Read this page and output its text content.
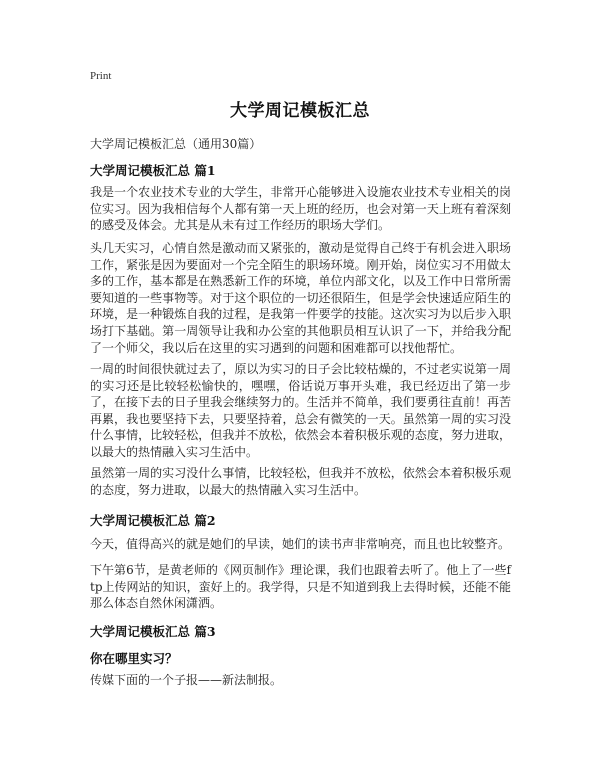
Print
大学周记模板汇总
大学周记模板汇总（通用30篇）
大学周记模板汇总 篇1
我是一个农业技术专业的大学生，非常开心能够进入设施农业技术专业相关的岗位实习。因为我相信每个人都有第一天上班的经历，也会对第一天上班有着深刻的感受及体会。尤其是从未有过工作经历的职场大学们。
头几天实习，心情自然是激动而又紧张的，激动是觉得自己终于有机会进入职场工作，紧张是因为要面对一个完全陌生的职场环境。刚开始，岗位实习不用做太多的工作，基本都是在熟悉新工作的环境，单位内部文化，以及工作中日常所需要知道的一些事物等。对于这个职位的一切还很陌生，但是学会快速适应陌生的环境，是一种锻炼自我的过程，是我第一件要学的技能。这次实习为以后步入职场打下基础。第一周领导让我和办公室的其他职员相互认识了一下，并给我分配了一个师父，我以后在这里的实习遇到的问题和困难都可以找他帮忙。
一周的时间很快就过去了，原以为实习的日子会比较枯燥的，不过老实说第一周的实习还是比较轻松愉快的，嘿嘿，俗话说万事开头难，我已经迈出了第一步了，在接下去的日子里我会继续努力的。生活并不简单，我们要勇往直前！再苦再累，我也要坚持下去，只要坚持着，总会有微笑的一天。虽然第一周的实习没什么事情，比较轻松，但我并不放松，依然会本着积极乐观的态度，努力进取，以最大的热情融入实习生活中。
虽然第一周的实习没什么事情，比较轻松，但我并不放松，依然会本着积极乐观的态度，努力进取，以最大的热情融入实习生活中。
大学周记模板汇总 篇2
今天，值得高兴的就是她们的早读，她们的读书声非常响亮，而且也比较整齐。
下午第6节，是黄老师的《网页制作》理论课，我们也跟着去听了。他上了一些ftp上传网站的知识，蛮好上的。我学得，只是不知道到我上去得时候，还能不能那么体态自然休闲潇洒。
大学周记模板汇总 篇3
你在哪里实习？
传媒下面的一个子报——新法制报。
